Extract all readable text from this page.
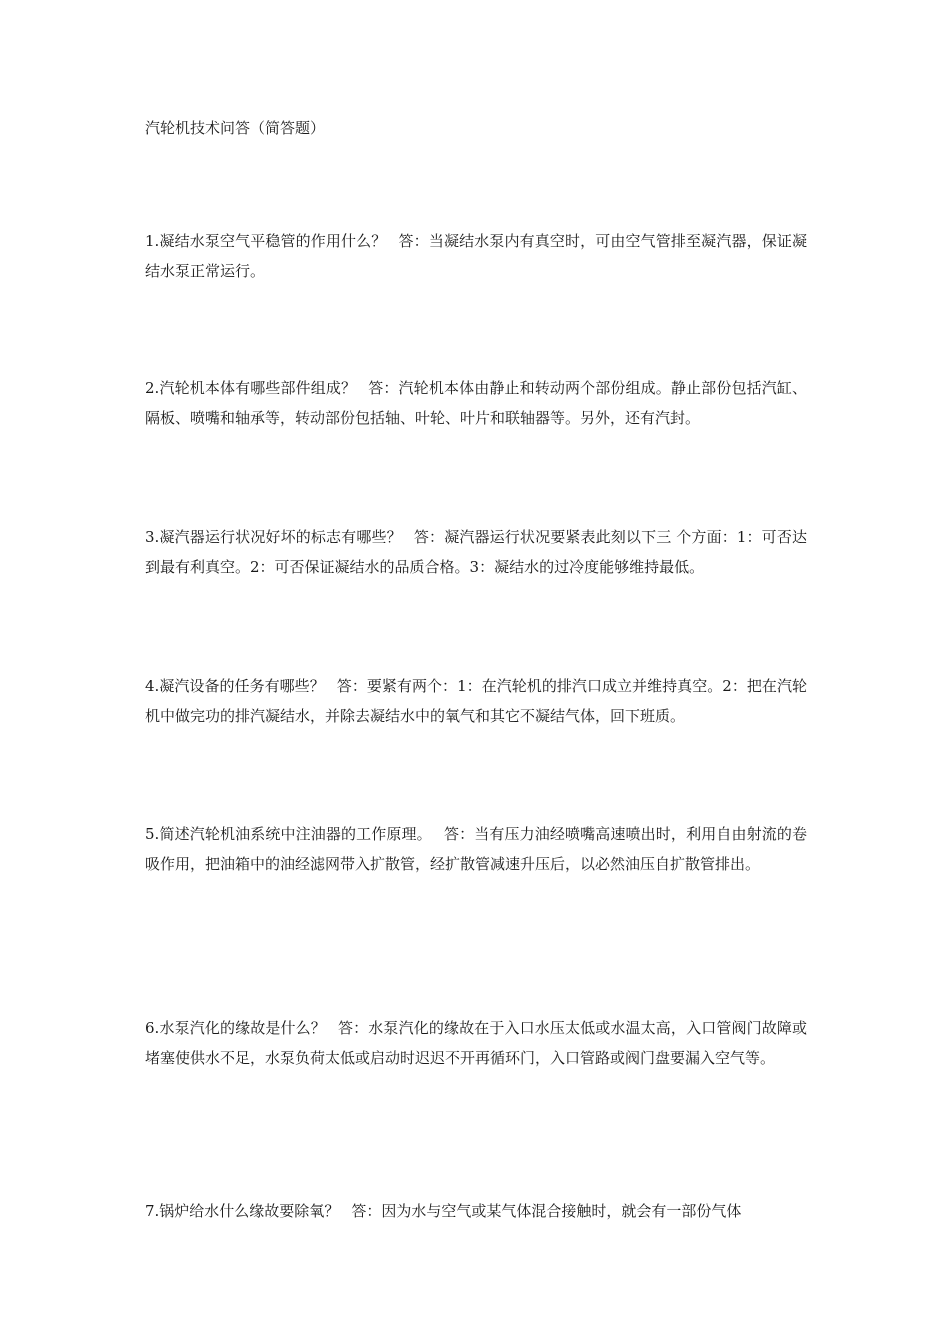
汽轮机技术问答（简答题）
1.凝结水泵空气平稳管的作用什么？ 答：当凝结水泵内有真空时，可由空气管排至凝汽器，保证凝结水泵正常运行。
2.汽轮机本体有哪些部件组成？ 答：汽轮机本体由静止和转动两个部份组成。静止部份包括汽缸、隔板、喷嘴和轴承等，转动部份包括轴、叶轮、叶片和联轴器等。另外，还有汽封。
3.凝汽器运行状况好坏的标志有哪些？ 答：凝汽器运行状况要紧表此刻以下三 个方面：1：可否达到最有利真空。2：可否保证凝结水的品质合格。3：凝结水的过冷度能够维持最低。
4.凝汽设备的任务有哪些？ 答：要紧有两个：1：在汽轮机的排汽口成立并维持真空。2：把在汽轮机中做完功的排汽凝结水，并除去凝结水中的氧气和其它不凝结气体，回下班质。
5.简述汽轮机油系统中注油器的工作原理。 答：当有压力油经喷嘴高速喷出时，利用自由射流的卷吸作用，把油箱中的油经滤网带入扩散管，经扩散管减速升压后，以必然油压自扩散管排出。
6.水泵汽化的缘故是什么？ 答：水泵汽化的缘故在于入口水压太低或水温太高，入口管阀门故障或堵塞使供水不足，水泵负荷太低或启动时迟迟不开再循环门，入口管路或阀门盘要漏入空气等。
7.锅炉给水什么缘故要除氧？ 答：因为水与空气或某气体混合接触时，就会有一部份气体
